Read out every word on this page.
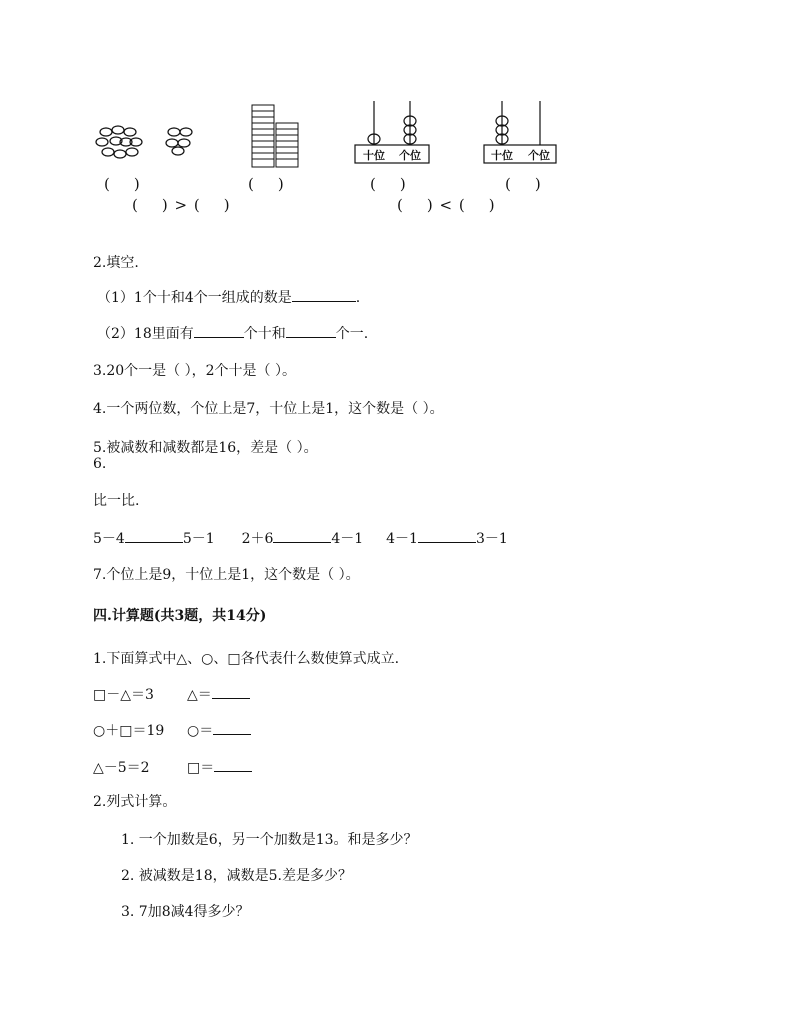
十位 个位	十位 个位
(    )	(    )	(    )	(    )
(    ) > (    )	(    ) < (    )
2.填空.
（1）1个十和4个一组成的数是	.
（2）18里面有	个十和	个一.
3.20个一是（ ），2个十是（ ）。
4.一个两位数，个位上是7，十位上是1，这个数是（ ）。
5.被减数和减数都是16，差是（ ）。
6.
比一比.
5－4	5－1 2＋6	4－1 4－1	3－1
7.个位上是9，十位上是1，这个数是（ ）。
四.计算题(共3题，共14分)
1.下面算式中△、○、□各代表什么数使算式成立.
□－△＝3 △＝
○＋□＝19 ○＝
△－5＝2	□＝
2.列式计算。
1. 一个加数是6，另一个加数是13。和是多少？
2. 被减数是18，减数是5.差是多少？
3. 7加8减4得多少？
